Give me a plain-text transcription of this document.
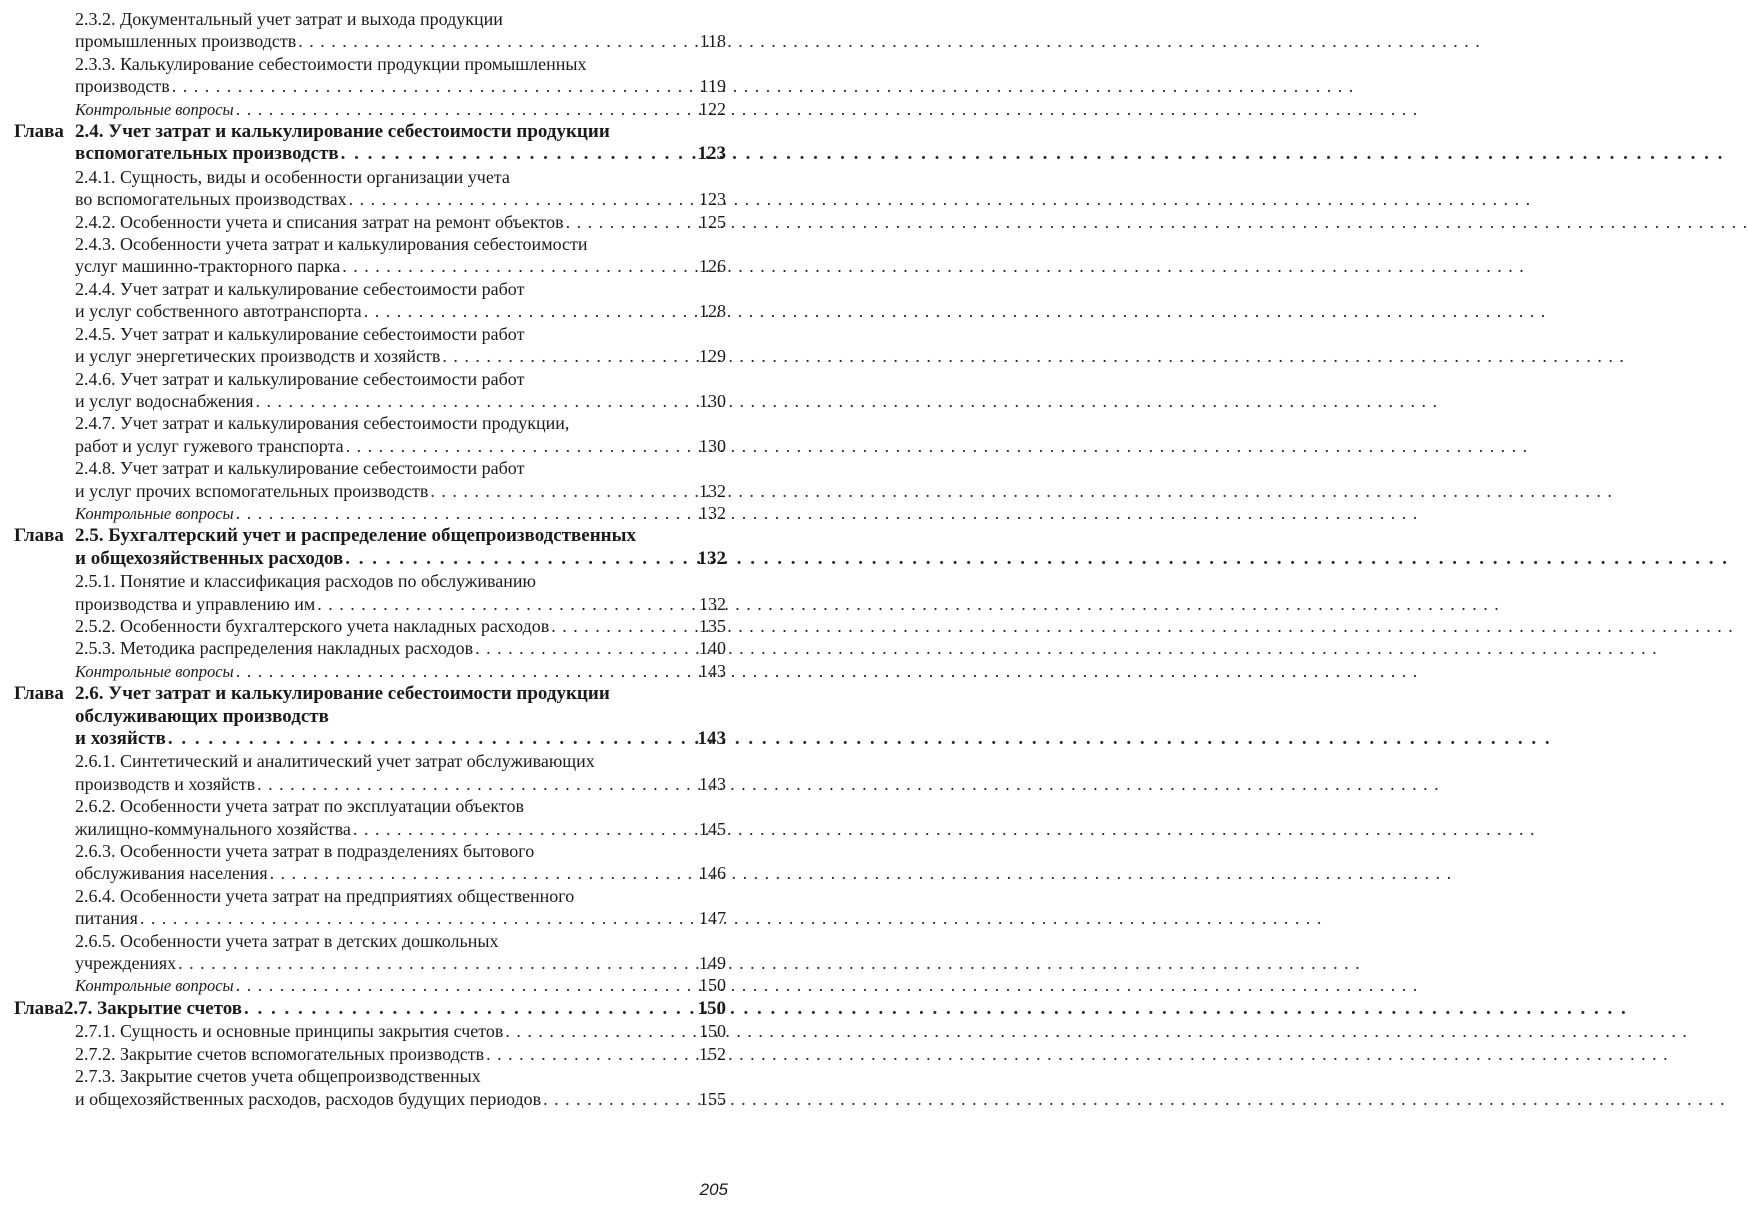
2.3.2. Документальный учет затрат и выхода продукции
промышленных производств . . .	118
2.3.3. Калькулирование себестоимости продукции промышленных
производств . . .	119
Контрольные вопросы . . .	122
Глава 2.4. Учет затрат и калькулирование себестоимости продукции
вспомогательных производств . . .	123
2.4.1. Сущность, виды и особенности организации учета
во вспомогательных производствах . . .	123
2.4.2. Особенности учета и списания затрат на ремонт объектов . . .	125
2.4.3. Особенности учета затрат и калькулирования себестоимости
услуг машинно-тракторного парка . . .	126
2.4.4. Учет затрат и калькулирование себестоимости работ
и услуг собственного автотранспорта . . .	128
2.4.5. Учет затрат и калькулирование себестоимости работ
и услуг энергетических производств и хозяйств . . .	129
2.4.6. Учет затрат и калькулирование себестоимости работ
и услуг водоснабжения . . .	130
2.4.7. Учет затрат и калькулирования себестоимости продукции,
работ и услуг гужевого транспорта . . .	130
2.4.8. Учет затрат и калькулирование себестоимости работ
и услуг прочих вспомогательных производств . . .	132
Контрольные вопросы . . .	132
Глава 2.5. Бухгалтерский учет и распределение общепроизводственных
и общехозяйственных расходов . . .	132
2.5.1. Понятие и классификация расходов по обслуживанию
производства и управлению им . . .	132
2.5.2. Особенности бухгалтерского учета накладных расходов . . .	135
2.5.3. Методика распределения накладных расходов . . .	140
Контрольные вопросы . . .	143
Глава 2.6. Учет затрат и калькулирование себестоимости продукции
обслуживающих производств
и хозяйств . . .	143
2.6.1. Синтетический и аналитический учет затрат обслуживающих
производств и хозяйств . . .	143
2.6.2. Особенности учета затрат по эксплуатации объектов
жилищно-коммунального хозяйства . . .	145
2.6.3. Особенности учета затрат в подразделениях бытового
обслуживания населения . . .	146
2.6.4. Особенности учета затрат на предприятиях общественного
питания . . .	147
2.6.5. Особенности учета затрат в детских дошкольных
учреждениях . . .	149
Контрольные вопросы . . .	150
Глава 2.7. Закрытие счетов . . .	150
2.7.1. Сущность и основные принципы закрытия счетов . . .	150
2.7.2. Закрытие счетов вспомогательных производств . . .	152
2.7.3. Закрытие счетов учета общепроизводственных
и общехозяйственных расходов, расходов будущих периодов . . .	155
205
